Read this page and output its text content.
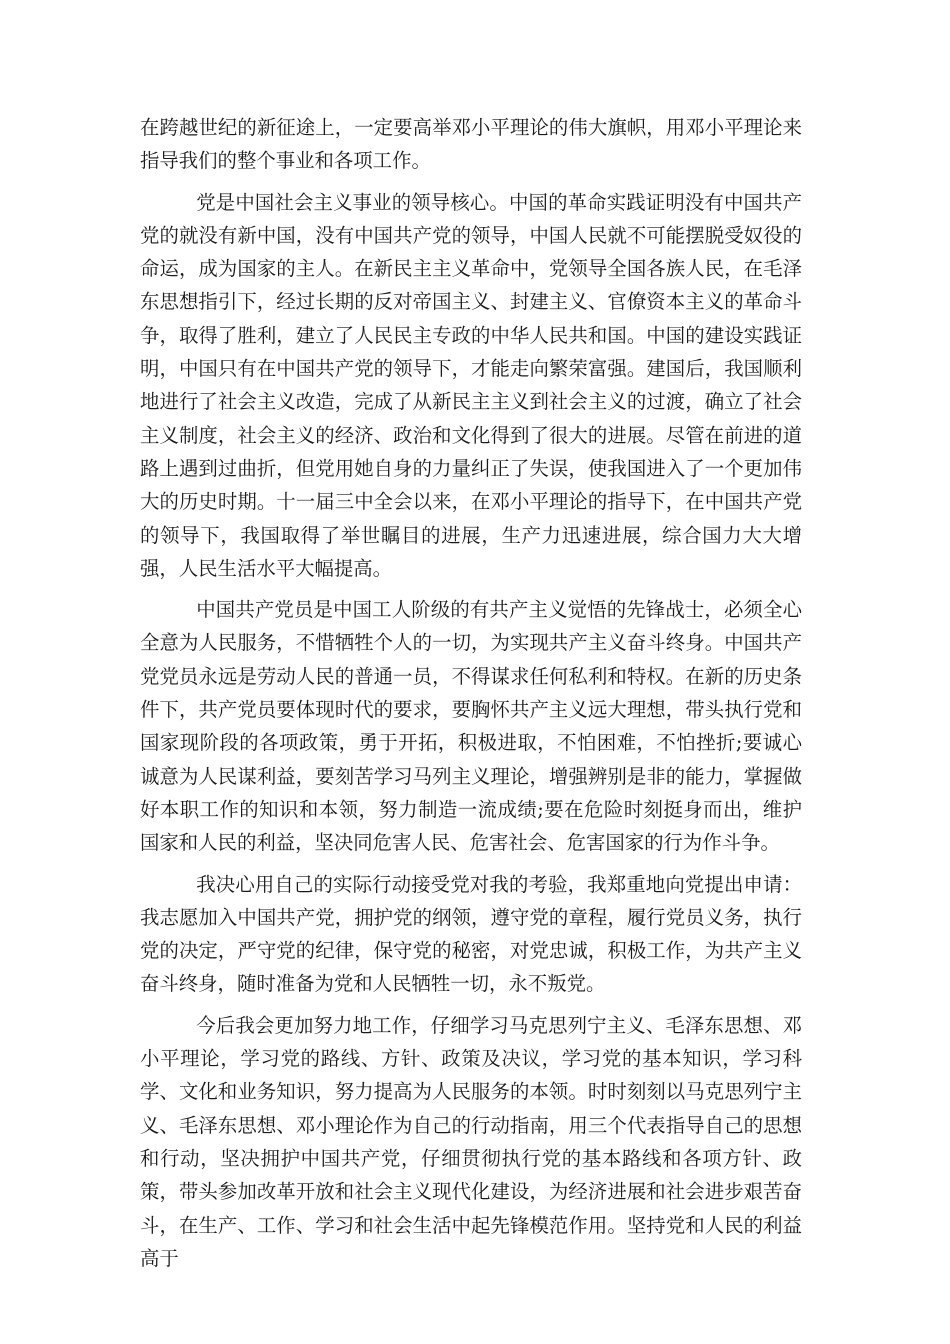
在跨越世纪的新征途上，一定要高举邓小平理论的伟大旗帜，用邓小平理论来指导我们的整个事业和各项工作。

党是中国社会主义事业的领导核心。中国的革命实践证明没有中国共产党的就没有新中国，没有中国共产党的领导，中国人民就不可能摆脱受奴役的命运，成为国家的主人。在新民主主义革命中，党领导全国各族人民，在毛泽东思想指引下，经过长期的反对帝国主义、封建主义、官僚资本主义的革命斗争，取得了胜利，建立了人民民主专政的中华人民共和国。中国的建设实践证明，中国只有在中国共产党的领导下，才能走向繁荣富强。建国后，我国顺利地进行了社会主义改造，完成了从新民主主义到社会主义的过渡，确立了社会主义制度，社会主义的经济、政治和文化得到了很大的进展。尽管在前进的道路上遇到过曲折，但党用她自身的力量纠正了失误，使我国进入了一个更加伟大的历史时期。十一届三中全会以来，在邓小平理论的指导下，在中国共产党的领导下，我国取得了举世瞩目的进展，生产力迅速进展，综合国力大大增强，人民生活水平大幅提高。

中国共产党员是中国工人阶级的有共产主义觉悟的先锋战士，必须全心全意为人民服务，不惜牺牲个人的一切，为实现共产主义奋斗终身。中国共产党党员永远是劳动人民的普通一员，不得谋求任何私利和特权。在新的历史条件下，共产党员要体现时代的要求，要胸怀共产主义远大理想，带头执行党和国家现阶段的各项政策，勇于开拓，积极进取，不怕困难，不怕挫折;要诚心诚意为人民谋利益，要刻苦学习马列主义理论，增强辨别是非的能力，掌握做好本职工作的知识和本领，努力制造一流成绩;要在危险时刻挺身而出，维护国家和人民的利益，坚决同危害人民、危害社会、危害国家的行为作斗争。

我决心用自己的实际行动接受党对我的考验，我郑重地向党提出申请：我志愿加入中国共产党，拥护党的纲领，遵守党的章程，履行党员义务，执行党的决定，严守党的纪律，保守党的秘密，对党忠诚，积极工作，为共产主义奋斗终身，随时准备为党和人民牺牲一切，永不叛党。

今后我会更加努力地工作，仔细学习马克思列宁主义、毛泽东思想、邓小平理论，学习党的路线、方针、政策及决议，学习党的基本知识，学习科学、文化和业务知识，努力提高为人民服务的本领。时时刻刻以马克思列宁主义、毛泽东思想、邓小理论作为自己的行动指南，用三个代表指导自己的思想和行动，坚决拥护中国共产党，仔细贯彻执行党的基本路线和各项方针、政策，带头参加改革开放和社会主义现代化建设，为经济进展和社会进步艰苦奋斗，在生产、工作、学习和社会生活中起先锋模范作用。坚持党和人民的利益高于
